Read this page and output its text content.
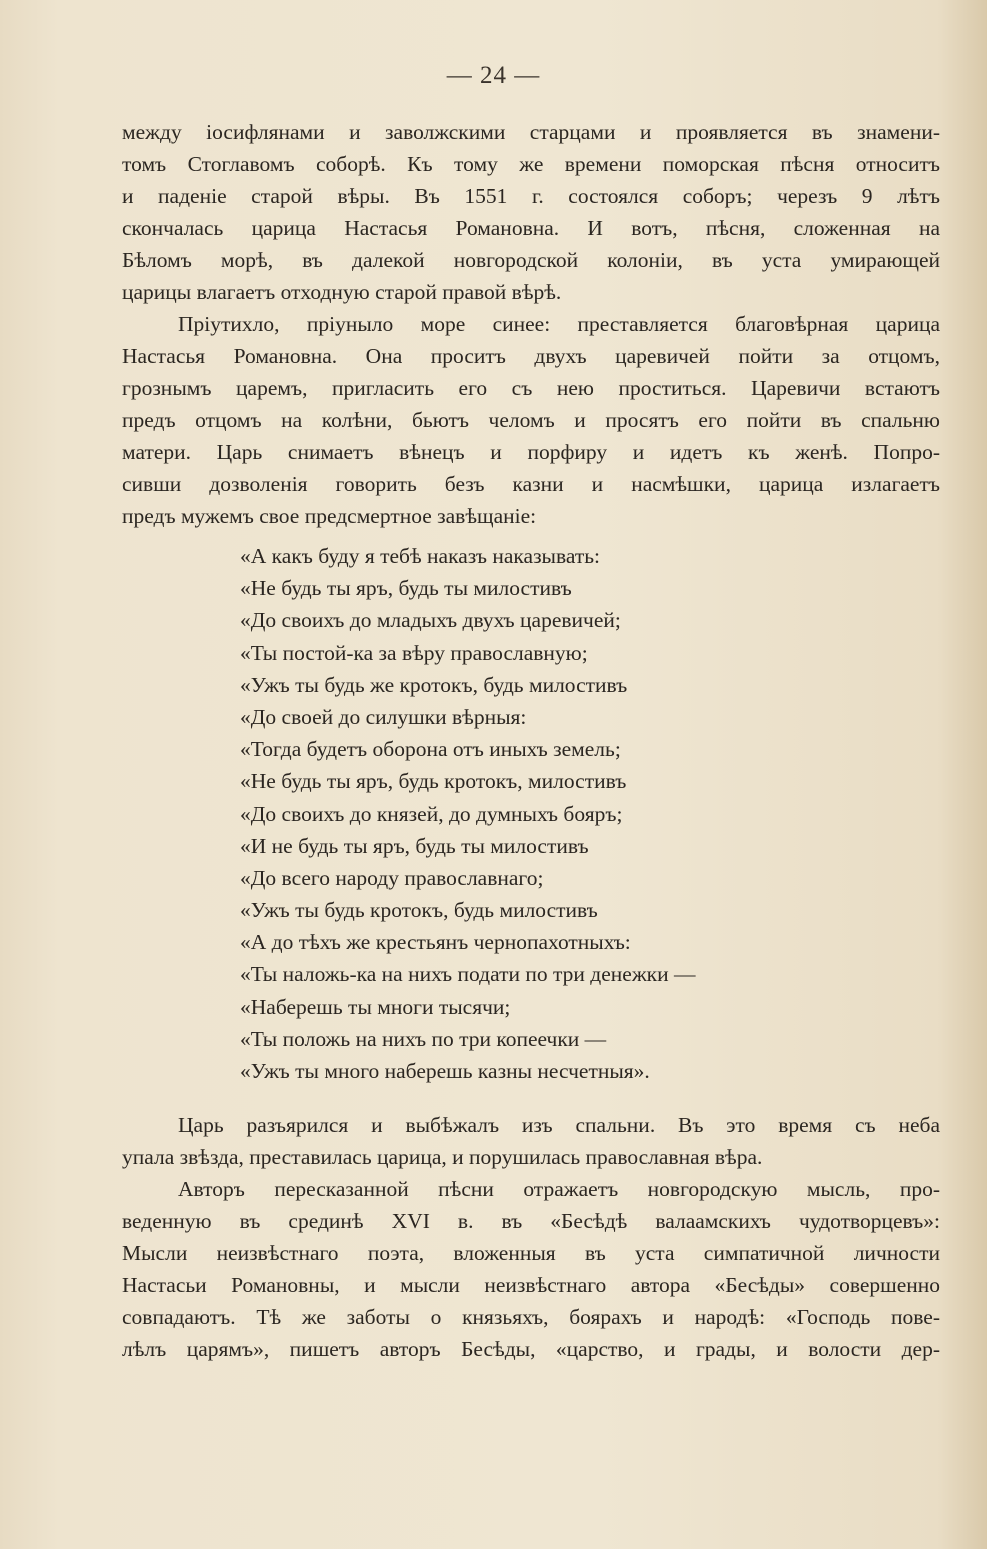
— 24 —
между іосифлянами и заволжскими старцами и проявляется въ знамени-
томъ Стоглавомъ соборѣ. Къ тому же времени поморская пѣсня относитъ
и паденіе старой вѣры. Въ 1551 г. состоялся соборъ; черезъ 9 лѣтъ
скончалась царица Настасья Романовна. И вотъ, пѣсня, сложенная на
Бѣломъ морѣ, въ далекой новгородской колоніи, въ уста умирающей
царицы влагаетъ отходную старой правой вѣрѣ.
Пріутихло, пріуныло море синее: преставляется благовѣрная царица
Настасья Романовна. Она проситъ двухъ царевичей пойти за отцомъ,
грознымъ царемъ, пригласить его съ нею проститься. Царевичи встаютъ
предъ отцомъ на колѣни, бьютъ челомъ и просятъ его пойти въ спальню
матери. Царь снимаетъ вѣнецъ и порфиру и идетъ къ женѣ. Попро-
сивши дозволенія говорить безъ казни и насмѣшки, царица излагаетъ
предъ мужемъ свое предсмертное завѣщаніе:
«А какъ буду я тебѣ наказъ наказывать:
«Не будь ты яръ, будь ты милостивъ
«До своихъ до младыхъ двухъ царевичей;
«Ты постой-ка за вѣру православную;
«Ужъ ты будь же кротокъ, будь милостивъ
«До своей до силушки вѣрныя:
«Тогда будетъ оборона отъ иныхъ земель;
«Не будь ты яръ, будь кротокъ, милостивъ
«До своихъ до князей, до думныхъ бояръ;
«И не будь ты яръ, будь ты милостивъ
«До всего народу православнаго;
«Ужъ ты будь кротокъ, будь милостивъ
«А до тѣхъ же крестьянъ чернопахотныхъ:
«Ты наложь-ка на нихъ подати по три денежки —
«Наберешь ты многи тысячи;
«Ты положь на нихъ по три копеечки —
«Ужъ ты много наберешь казны несчетныя».
Царь разъярился и выбѣжалъ изъ спальни. Въ это время съ неба
упала звѣзда, преставилась царица, и порушилась православная вѣра.
Авторъ пересказанной пѣсни отражаетъ новгородскую мысль, про-
веденную въ срединѣ XVI в. въ «Бесѣдѣ валаамскихъ чудотворцевъ»:
Мысли неизвѣстнаго поэта, вложенныя въ уста симпатичной личности
Настасьи Романовны, и мысли неизвѣстнаго автора «Бесѣды» совершенно
совпадаютъ. Тѣ же заботы о князьяхъ, боярахъ и народѣ: «Господь пове-
лѣлъ царямъ», пишетъ авторъ Бесѣды, «царство, и грады, и волости дер-
